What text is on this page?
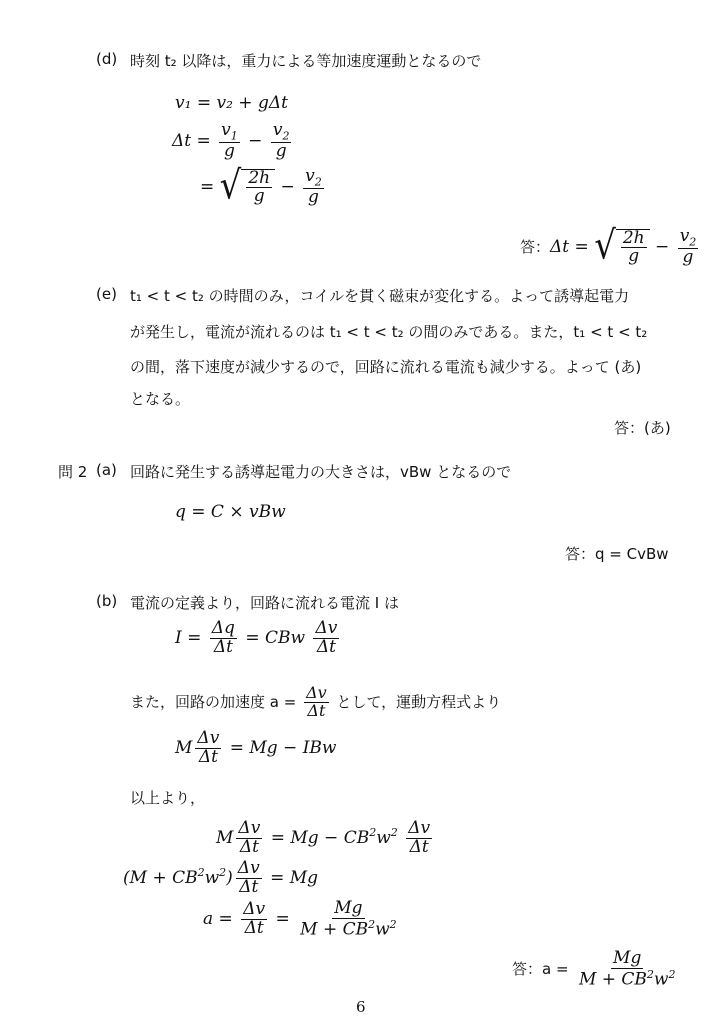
(d) 時刻 t₂ 以降は，重力による等加速度運動となるので
v₁ = v₂ + gΔt
$\Delta t = \frac{v_1}{g} - \frac{v_2}{g}$
= √ $\frac{2h}{g} - \frac{v_2}{g}$
答：Δt = √ $\frac{2h}{g} - \frac{v_2}{g}$
(e) t₁ < t < t₂ の時間のみ，コイルを貫く磁束が変化する。よって誘導起電力
が発生し，電流が流れるのは t₁ < t < t₂ の間のみである。また，t₁ < t < t₂
の間，落下速度が減少するので，回路に流れる電流も減少する。よって (あ)
となる。
答：(あ)
問 2 (a) 回路に発生する誘導起電力の大きさは，vBw となるので
q = C × vBw
答：q = CvBw
(b) 電流の定義より，回路に流れる電流 I は
$I = \frac{\Delta q}{\Delta t}$ = CBw $\frac{\Delta v}{\Delta t}$
また，回路の加速度 $a = \frac{\Delta v}{\Delta t}$ として，運動方程式より
M $\frac{\Delta v}{\Delta t} = Mg$ − IBw
以上より，
M $\frac{\Delta v}{\Delta t} = Mg - CB^2w^2 \frac{\Delta v}{\Delta t}$
$(M + CB^2w^2) \frac{\Delta v}{\Delta t} = Mg$
$a = \frac{\Delta v}{\Delta t} = \frac{Mg}{M + CB^2w^2}$
答：$a = \frac{Mg}{M + CB^2w^2}$
6
